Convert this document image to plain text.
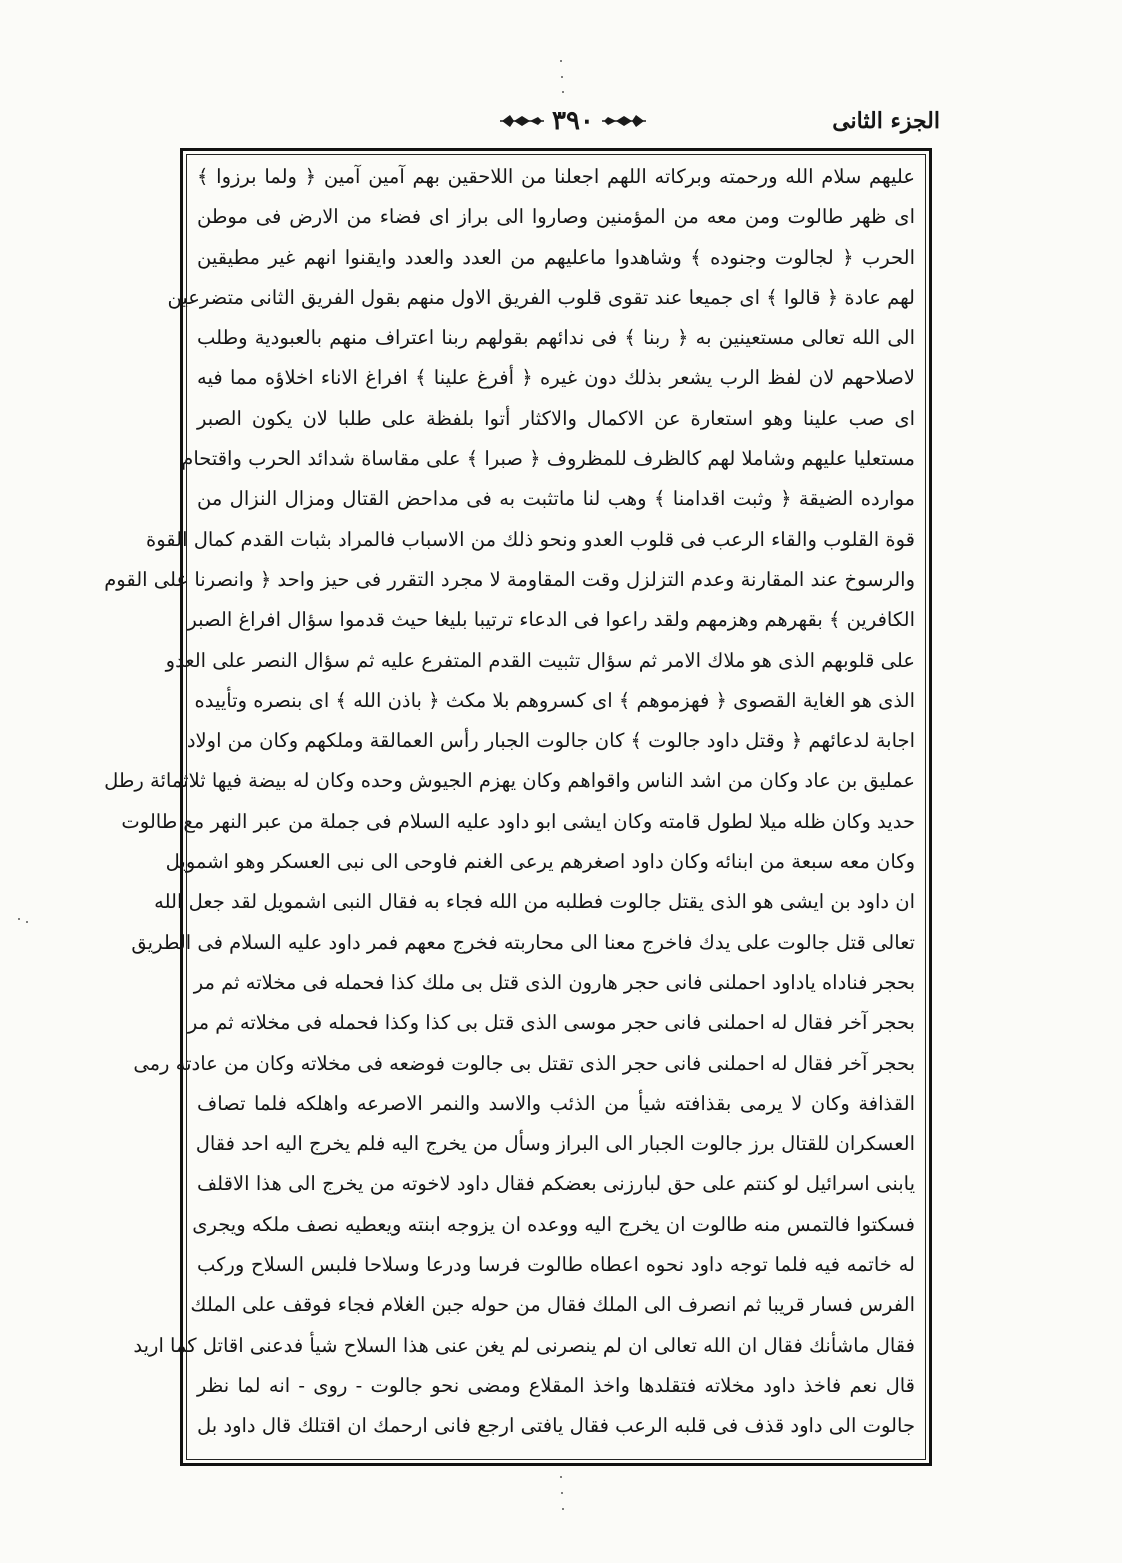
الجزء الثانى
٣٩٠
عليهم سلام الله ورحمته وبركاته اللهم اجعلنا من اللاحقين بهم آمين آمين ﴿ ولما برزوا ﴾
اى ظهر طالوت ومن معه من المؤمنين وصاروا الى براز اى فضاء من الارض فى موطن
الحرب ﴿ لجالوت وجنوده ﴾ وشاهدوا ماعليهم من العدد والعدد وايقنوا انهم غير مطيقين
لهم عادة ﴿ قالوا ﴾ اى جميعا عند تقوى قلوب الفريق الاول منهم بقول الفريق الثانى متضرعين
الى الله تعالى مستعينين به ﴿ ربنا ﴾ فى ندائهم بقولهم ربنا اعتراف منهم بالعبودية وطلب
لاصلاحهم لان لفظ الرب يشعر بذلك دون غيره ﴿ أفرغ علينا ﴾ افراغ الاناء اخلاؤه مما فيه
اى صب علينا وهو استعارة عن الاكمال والاكثار أتوا بلفظة على طلبا لان يكون الصبر
مستعليا عليهم وشاملا لهم كالظرف للمظروف ﴿ صبرا ﴾ على مقاساة شدائد الحرب واقتحام
موارده الضيقة ﴿ وثبت اقدامنا ﴾ وهب لنا ماتثبت به فى مداحض القتال ومزال النزال من
قوة القلوب والقاء الرعب فى قلوب العدو ونحو ذلك من الاسباب فالمراد بثبات القدم كمال القوة
والرسوخ عند المقارنة وعدم التزلزل وقت المقاومة لا مجرد التقرر فى حيز واحد ﴿ وانصرنا على القوم
الكافرين ﴾ بقهرهم وهزمهم ولقد راعوا فى الدعاء ترتيبا بليغا حيث قدموا سؤال افراغ الصبر
على قلوبهم الذى هو ملاك الامر ثم سؤال تثبيت القدم المتفرع عليه ثم سؤال النصر على العدو
الذى هو الغاية القصوى ﴿ فهزموهم ﴾ اى كسروهم بلا مكث ﴿ باذن الله ﴾ اى بنصره وتأييده
اجابة لدعائهم ﴿ وقتل داود جالوت ﴾ كان جالوت الجبار رأس العمالقة وملكهم وكان من اولاد
عمليق بن عاد وكان من اشد الناس واقواهم وكان يهزم الجيوش وحده وكان له بيضة فيها ثلاثمائة رطل
حديد وكان ظله ميلا لطول قامته وكان ايشى ابو داود عليه السلام فى جملة من عبر النهر مع طالوت
وكان معه سبعة من ابنائه وكان داود اصغرهم يرعى الغنم فاوحى الى نبى العسكر وهو اشمويل
ان داود بن ايشى هو الذى يقتل جالوت فطلبه من الله فجاء به فقال النبى اشمويل لقد جعل الله
تعالى قتل جالوت على يدك فاخرج معنا الى محاربته فخرج معهم فمر داود عليه السلام فى الطريق
بحجر فناداه ياداود احملنى فانى حجر هارون الذى قتل بى ملك كذا فحمله فى مخلاته ثم مر
بحجر آخر فقال له احملنى فانى حجر موسى الذى قتل بى كذا وكذا فحمله فى مخلاته ثم مر
بحجر آخر فقال له احملنى فانى حجر الذى تقتل بى جالوت فوضعه فى مخلاته وكان من عادته رمى
القذافة وكان لا يرمى بقذافته شيأ من الذئب والاسد والنمر الاصرعه واهلكه فلما تصاف
العسكران للقتال برز جالوت الجبار الى البراز وسأل من يخرج اليه فلم يخرج اليه احد فقال
يابنى اسرائيل لو كنتم على حق لبارزنى بعضكم فقال داود لاخوته من يخرج الى هذا الاقلف
فسكتوا فالتمس منه طالوت ان يخرج اليه ووعده ان يزوجه ابنته ويعطيه نصف ملكه ويجرى
له خاتمه فيه فلما توجه داود نحوه اعطاه طالوت فرسا ودرعا وسلاحا فلبس السلاح وركب
الفرس فسار قريبا ثم انصرف الى الملك فقال من حوله جبن الغلام فجاء فوقف على الملك
فقال ماشأنك فقال ان الله تعالى ان لم ينصرنى لم يغن عنى هذا السلاح شيأ فدعنى اقاتل كما اريد
قال نعم فاخذ داود مخلاته فتقلدها واخذ المقلاع ومضى نحو جالوت - روى - انه لما نظر
جالوت الى داود قذف فى قلبه الرعب فقال يافتى ارجع فانى ارحمك ان اقتلك قال داود بل
